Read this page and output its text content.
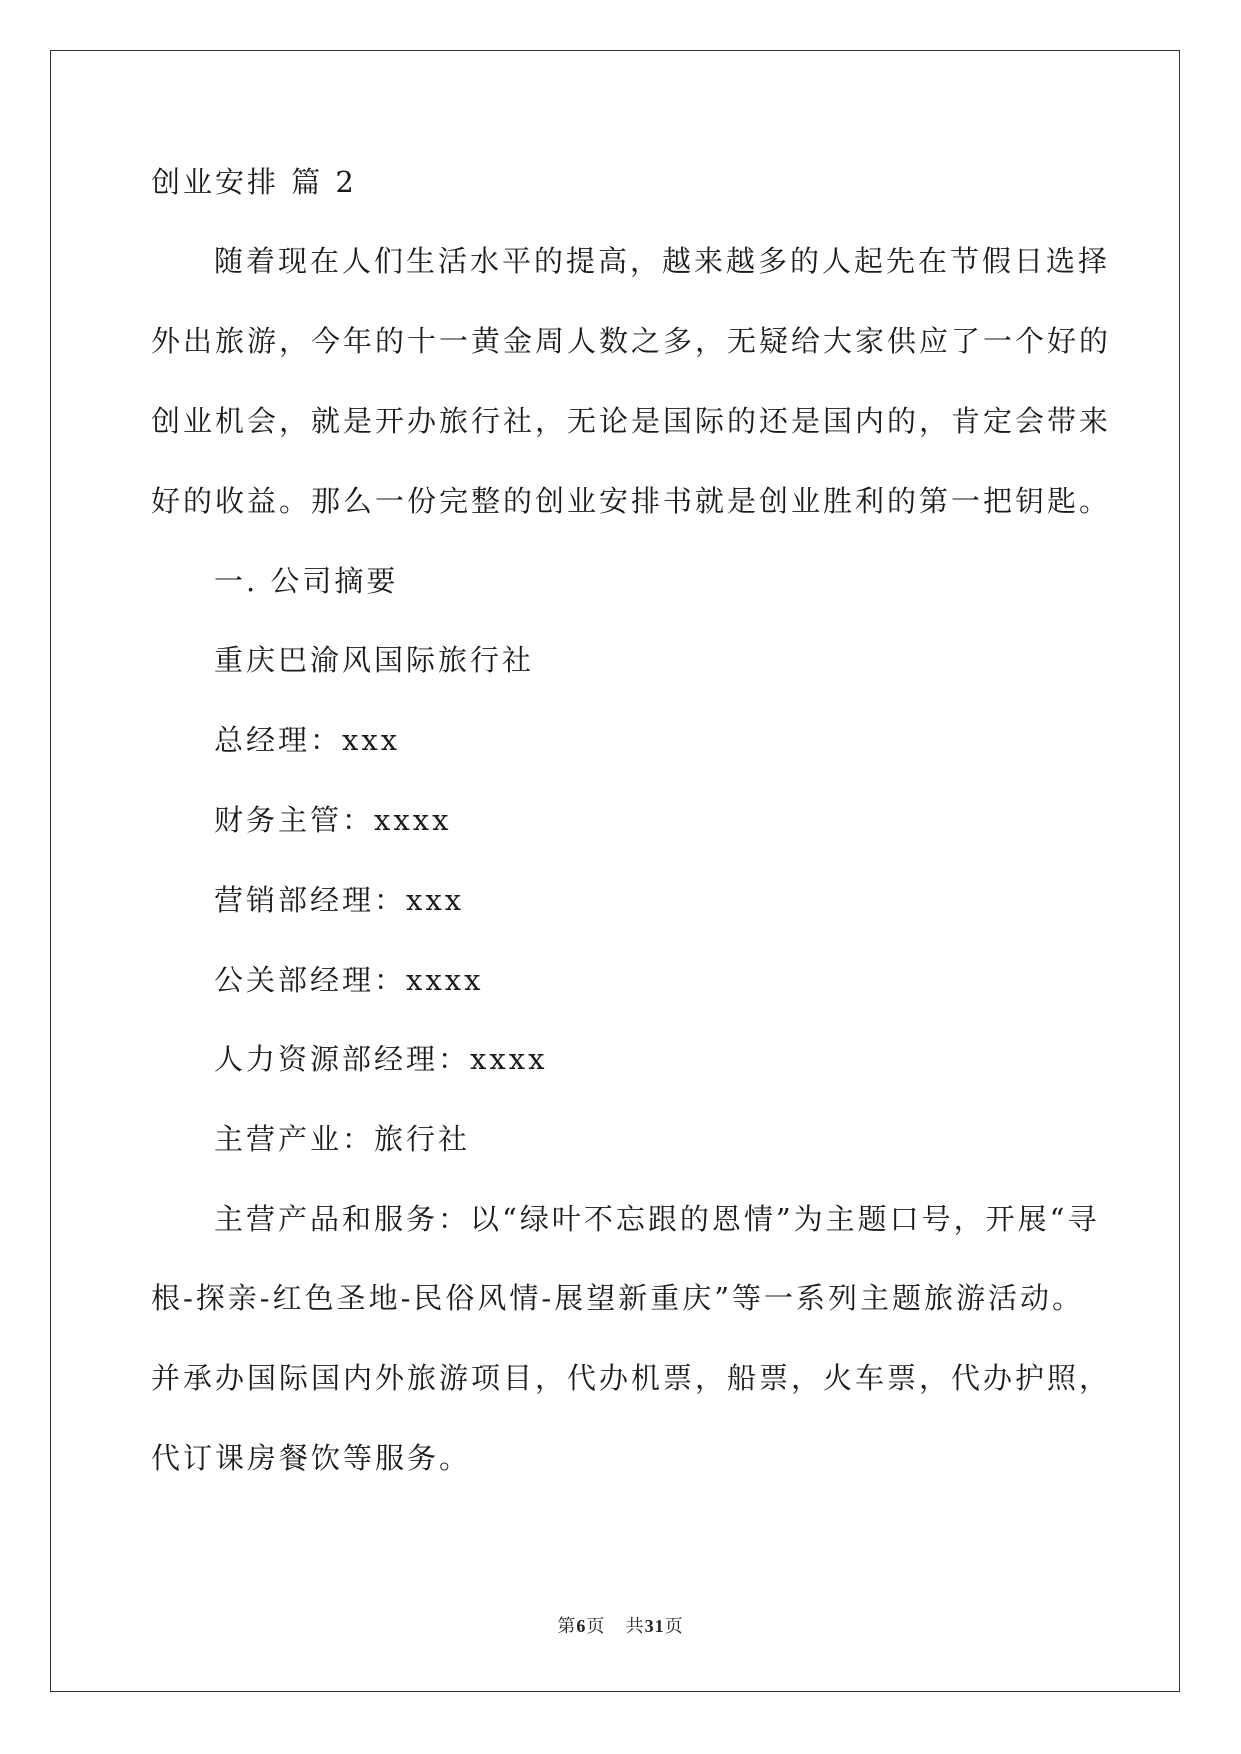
创业安排 篇 2

随着现在人们生活水平的提高，越来越多的人起先在节假日选择

外出旅游，今年的十一黄金周人数之多，无疑给大家供应了一个好的

创业机会，就是开办旅行社，无论是国际的还是国内的，肯定会带来

好的收益。那么一份完整的创业安排书就是创业胜利的第一把钥匙。

一. 公司摘要

重庆巴渝风国际旅行社

总经理：xxx

财务主管：xxxx

营销部经理：xxx

公关部经理：xxxx

人力资源部经理：xxxx

主营产业：旅行社

主营产品和服务：以“绿叶不忘跟的恩情”为主题口号，开展“寻

根-探亲-红色圣地-民俗风情-展望新重庆”等一系列主题旅游活动。

并承办国际国内外旅游项目，代办机票，船票，火车票，代办护照，

代订课房餐饮等服务。

第6页 共31页
